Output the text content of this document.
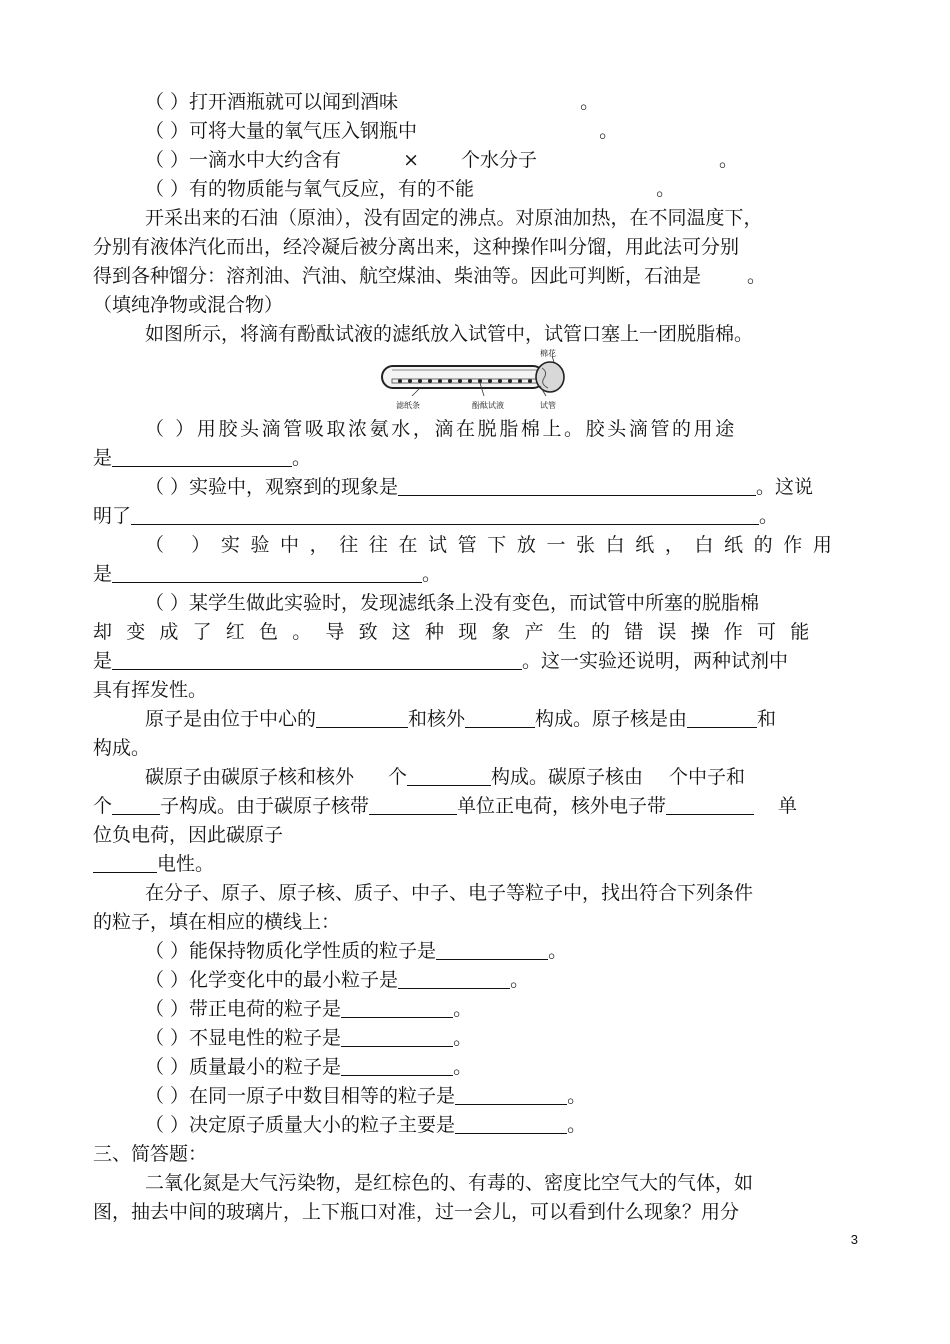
（ ）打开酒瓶就可以闻到酒味	。
（ ）可将大量的氧气压入钢瓶中	。
（ ）一滴水中大约含有	× 个水分子	。
（ ）有的物质能与氧气反应，有的不能	。
开采出来的石油（原油），没有固定的沸点。对原油加热，在不同温度下，
分别有液体汽化而出，经冷凝后被分离出来，这种操作叫分馏，用此法可分别
得到各种馏分：溶剂油、汽油、航空煤油、柴油等。因此可判断，石油是 。
（填纯净物或混合物）
如图所示，将滴有酚酞试液的滤纸放入试管中，试管口塞上一团脱脂棉。
棉花
滤纸条	酚酞试液	试管
（ ）用胶头滴管吸取浓氨水，滴在脱脂棉上。胶头滴管的用途
是	。
（ ）实验中，观察到的现象是	。这说
明了	。
（ ）实验中，往往在试管下放一张白纸，白纸的作用
是	。
（ ）某学生做此实验时，发现滤纸条上没有变色，而试管中所塞的脱脂棉
却变成了红色。导致这种现象产生的错误操作可能
是	。这一实验还说明，两种试剂中
具有挥发性。
原子是由位于中心的	和核外	构成。原子核是由	和
构成。
碳原子由碳原子核和核外 个	构成。碳原子核由 个中子和
个	子构成。由于碳原子核带	单位正电荷，核外电子带	单
位负电荷，因此碳原子
电性。
在分子、原子、原子核、质子、中子、电子等粒子中，找出符合下列条件
的粒子，填在相应的横线上：
（ ）能保持物质化学性质的粒子是	。
（ ）化学变化中的最小粒子是	。
（ ）带正电荷的粒子是	。
（ ）不显电性的粒子是	。
（ ）质量最小的粒子是	。
（ ）在同一原子中数目相等的粒子是	。
（ ）决定原子质量大小的粒子主要是	。
三、简答题：
二氧化氮是大气污染物，是红棕色的、有毒的、密度比空气大的气体，如
图，抽去中间的玻璃片，上下瓶口对准，过一会儿，可以看到什么现象？用分
3
